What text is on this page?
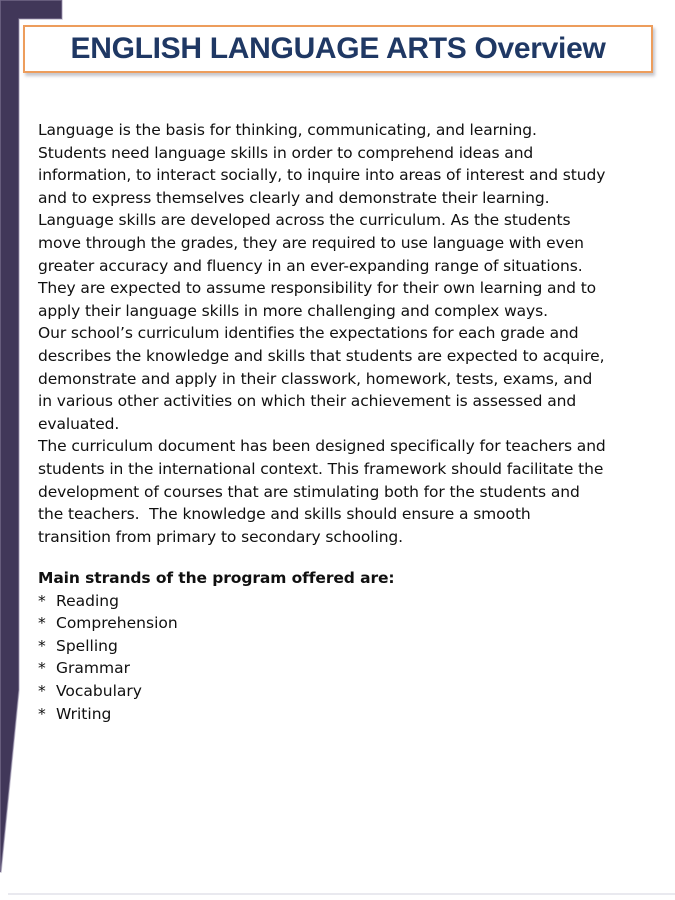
ENGLISH LANGUAGE ARTS Overview
Language is the basis for thinking, communicating, and learning.
Students need language skills in order to comprehend ideas and
information, to interact socially, to inquire into areas of interest and study
and to express themselves clearly and demonstrate their learning.
Language skills are developed across the curriculum. As the students
move through the grades, they are required to use language with even
greater accuracy and fluency in an ever-expanding range of situations.
They are expected to assume responsibility for their own learning and to
apply their language skills in more challenging and complex ways.
Our school’s curriculum identifies the expectations for each grade and
describes the knowledge and skills that students are expected to acquire,
demonstrate and apply in their classwork, homework, tests, exams, and
in various other activities on which their achievement is assessed and
evaluated.
The curriculum document has been designed specifically for teachers and
students in the international context. This framework should facilitate the
development of courses that are stimulating both for the students and
the teachers.  The knowledge and skills should ensure a smooth
transition from primary to secondary schooling.
Main strands of the program offered are:
* Reading
* Comprehension
* Spelling
* Grammar
* Vocabulary
* Writing
